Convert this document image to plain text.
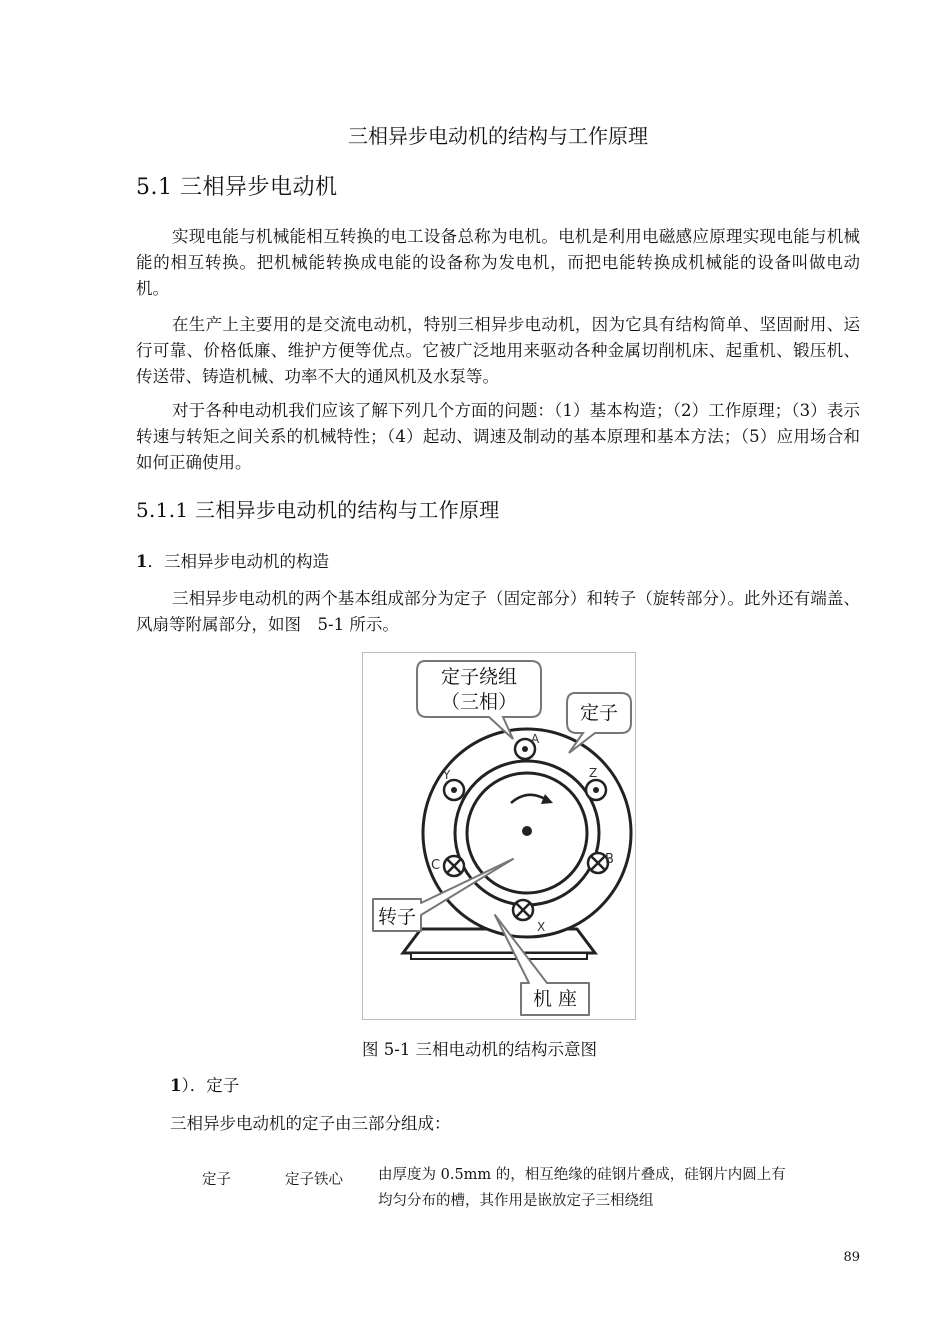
三相异步电动机的结构与工作原理
5.1 三相异步电动机

实现电能与机械能相互转换的电工设备总称为电机。电机是利用电磁感应原理实现电能与机械能的相互转换。把机械能转换成电能的设备称为发电机，而把电能转换成机械能的设备叫做电动机。

在生产上主要用的是交流电动机，特别三相异步电动机，因为它具有结构简单、坚固耐用、运行可靠、价格低廉、维护方便等优点。它被广泛地用来驱动各种金属切削机床、起重机、锻压机、传送带、铸造机械、功率不大的通风机及水泵等。

对于各种电动机我们应该了解下列几个方面的问题：（1）基本构造；（2）工作原理；（3）表示转速与转矩之间关系的机械特性；（4）起动、调速及制动的基本原理和基本方法；（5）应用场合和如何正确使用。

5.1.1 三相异步电动机的结构与工作原理
1．三相异步电动机的构造

三相异步电动机的两个基本组成部分为定子（固定部分）和转子（旋转部分）。此外还有端盖、风扇等附属部分，如图　5-1 所示。

A
Y	Z
C	B
X
定子绕组
（三相）	定子
转子
机 座
图 5-1 三相电动机的结构示意图
1）．定子
三相异步电动机的定子由三部分组成：
定子	定子铁心 由厚度为 0.5mm 的，相互绝缘的硅钢片叠成，硅钢片内圆上有均匀分布的槽，其作用是嵌放定子三相绕组
89
